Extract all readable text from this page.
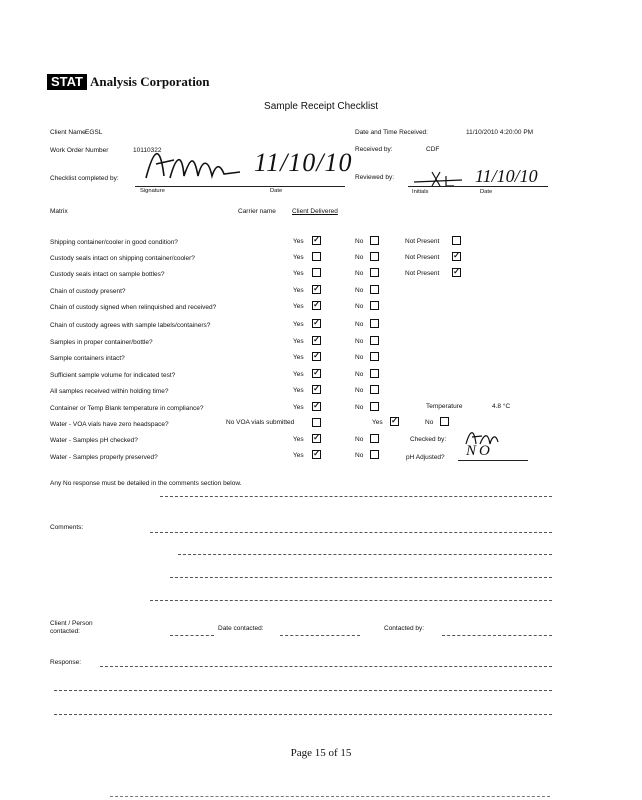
STAT Analysis Corporation
Sample Receipt Checklist
Client Name EGSL	Date and Time Received:	11/10/2010 4:20:00 PM
Work Order Number	10110322	Received by:	CDF
Checklist completed by:
Signature
11/10/10
Date
Reviewed by:
Initials
11/10/10
Date
Matrix	Carrier name Client Delivered
Shipping container/cooler in good condition?	Yes ✓	No	Not Present
Custody seals intact on shipping container/cooler?	Yes	No	Not Present ✓
Custody seals intact on sample bottles?	Yes	No	Not Present ✓
Chain of custody present?	Yes ✓	No
Chain of custody signed when relinquished and received?	Yes ✓	No
Chain of custody agrees with sample labels/containers?	Yes ✓	No
Samples in proper container/bottle?	Yes ✓	No
Sample containers intact?	Yes ✓	No
Sufficient sample volume for indicated test?	Yes ✓	No
All samples received within holding time?	Yes ✓	No
Container or Temp Blank temperature in compliance?	Yes ✓	No	Temperature	4.8 °C
Water - VOA vials have zero headspace?	No VOA vials submitted	Yes ✓	No
Water - Samples pH checked?	Yes ✓	No	Checked by:
Water - Samples properly preserved?	Yes ✓	No	pH Adjusted? NO
Any No response must be detailed in the comments section below.
Comments:
Client / Person
contacted:	Date contacted:	Contacted by:
Response:
Page 15 of 15
